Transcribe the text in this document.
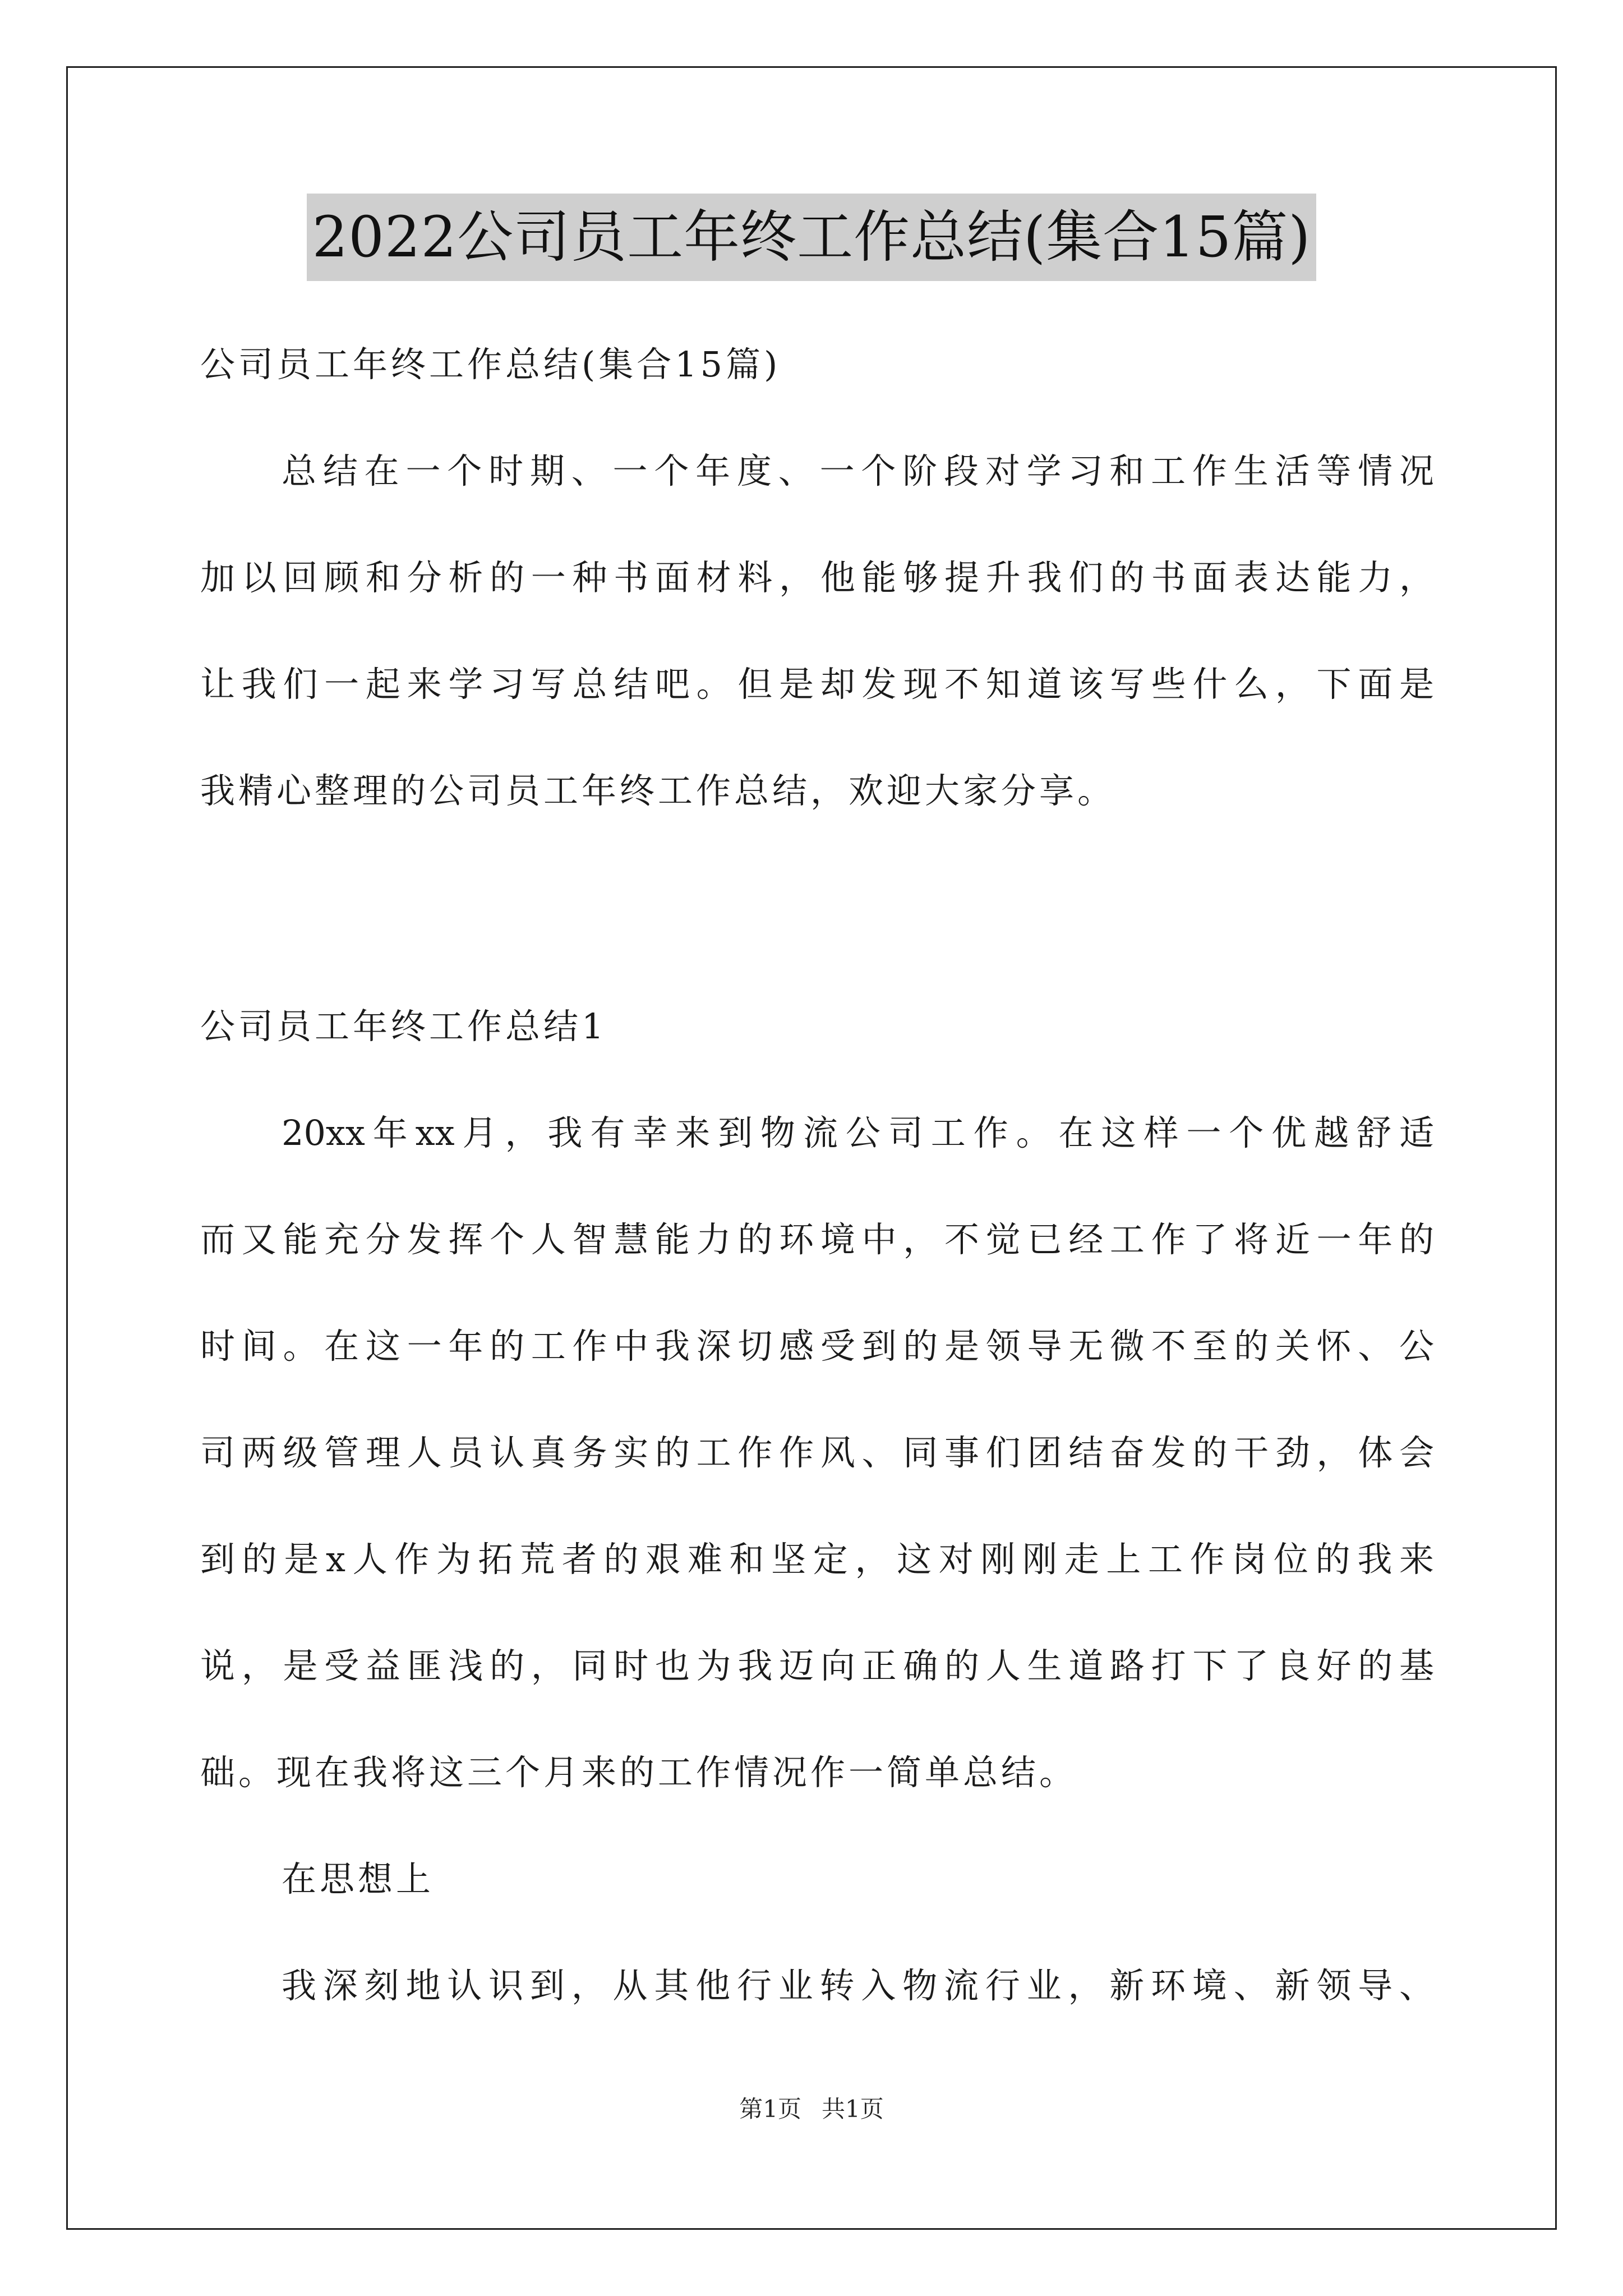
2022公司员工年终工作总结(集合15篇)
公司员工年终工作总结(集合15篇)
总结在一个时期、一个年度、一个阶段对学习和工作生活等情况
加以回顾和分析的一种书面材料，他能够提升我们的书面表达能力，
让我们一起来学习写总结吧。但是却发现不知道该写些什么，下面是
我精心整理的公司员工年终工作总结，欢迎大家分享。
公司员工年终工作总结1
20xx年xx月，我有幸来到物流公司工作。在这样一个优越舒适
而又能充分发挥个人智慧能力的环境中，不觉已经工作了将近一年的
时间。在这一年的工作中我深切感受到的是领导无微不至的关怀、公
司两级管理人员认真务实的工作作风、同事们团结奋发的干劲，体会
到的是x人作为拓荒者的艰难和坚定，这对刚刚走上工作岗位的我来
说，是受益匪浅的，同时也为我迈向正确的人生道路打下了良好的基
础。现在我将这三个月来的工作情况作一简单总结。
在思想上
我深刻地认识到，从其他行业转入物流行业，新环境、新领导、
第1页 共1页
